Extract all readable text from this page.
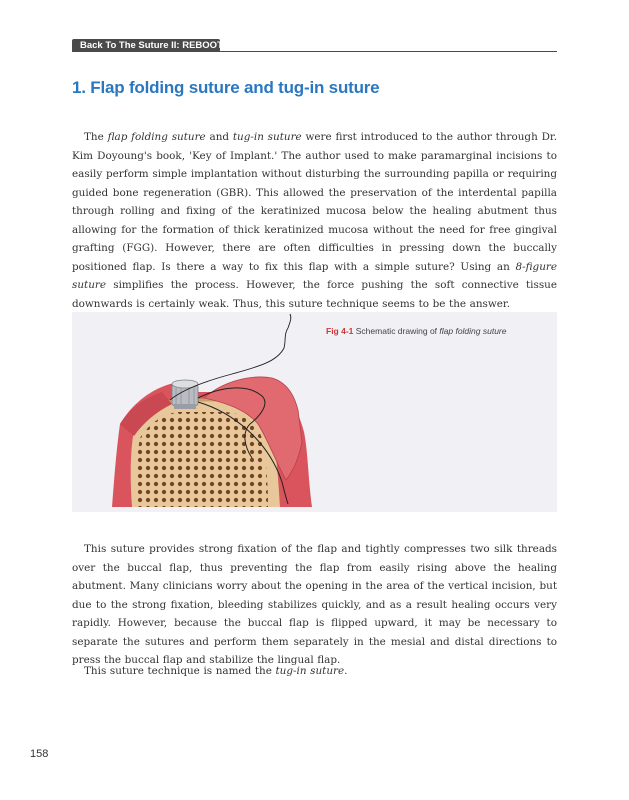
Back To The Suture II: REBOOT
1. Flap folding suture and tug-in suture

The flap folding suture and tug-in suture were first introduced to the author through Dr. Kim Doyoung's book, 'Key of Implant.' The author used to make paramarginal incisions to easily perform simple implantation without disturbing the surrounding papilla or requiring guided bone regeneration (GBR). This allowed the preservation of the interdental papilla through rolling and fixing of the keratinized mucosa below the healing abutment thus allowing for the formation of thick keratinized mucosa without the need for free gingival grafting (FGG). However, there are often difficulties in pressing down the buccally positioned flap. Is there a way to fix this flap with a simple suture? Using an 8-figure suture simplifies the process. However, the force pushing the soft connective tissue downwards is certainly weak. Thus, this suture technique seems to be the answer.

Fig 4-1 Schematic drawing of flap folding suture

This suture provides strong fixation of the flap and tightly compresses two silk threads over the buccal flap, thus preventing the flap from easily rising above the healing abutment. Many clinicians worry about the opening in the area of the vertical incision, but due to the strong fixation, bleeding stabilizes quickly, and as a result healing occurs very rapidly. However, because the buccal flap is flipped upward, it may be necessary to separate the sutures and perform them separately in the mesial and distal directions to press the buccal flap and stabilize the lingual flap.

This suture technique is named the tug-in suture.

158
